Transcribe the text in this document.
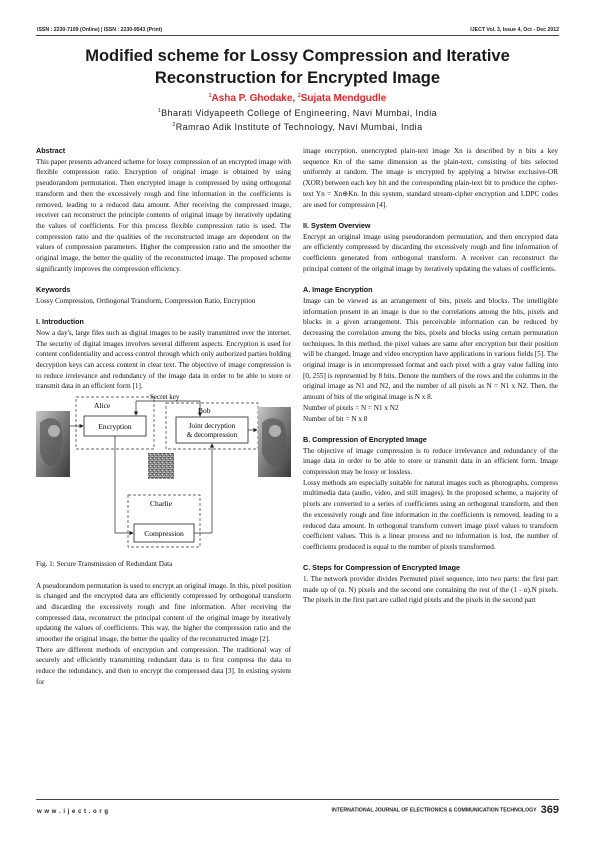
ISSN : 2230-7109 (Online) | ISSN : 2230-9543 (Print)	IJECT Vol. 3, Issue 4, Oct - Dec 2012
Modified scheme for Lossy Compression and Iterative Reconstruction for Encrypted Image
$^1$Asha P. Ghodake, $^2$Sujata Mendgudle
$^1$Bharati Vidyapeeth College of Engineering, Navi Mumbai, India
$^2$Ramrao Adik Institute of Technology, Navi Mumbai, India

Abstract

This paper presents advanced scheme for lossy compression of an encrypted image with flexible compression ratio. Encryption of original image is obtained by using pseudorandom permutation. Then encrypted image is compressed by using orthogonal transform and then the excessively rough and fine information in the coefficients is removed, leading to a reduced data amount. After receiving the compressed image, receiver can reconstruct the principle contents of original image by iteratively updating the values of coefficients. For this process flexible compression ratio is used. The compression ratio and the qualities of the reconstructed image are dependent on the values of compression parameters. Higher the compression ratio and the smoother the original image, the better the quality of the reconstructed image. The proposed scheme significantly improves the compression efficiency.

Keywords

Lossy Compression, Orthogonal Transform, Compression Ratio, Encryption

I. Introduction

Now a day's, large files such as digital images to be easily transmitted over the internet. The security of digital images involves several different aspects. Encryption is used for content confidentiality and access control through which only authorized parties holding decryption keys can access content in clear text. The objective of image compression is to reduce irrelevance and redundancy of the image data in order to be able to store or transmit data in an efficient form [1].

Alice
Encryption
Bob
Joint decryption
& decompression
Secret key
Charlie
Compression

Fig. 1: Secure Transmission of Redundant Data

A pseudorandom permutation is used to encrypt an original image. In this, pixel position is changed and the encrypted data are efficiently compressed by orthogonal transform and discarding the excessively rough and fine information. After receiving the compressed data, reconstruct the principal content of the original image by iteratively updating the values of coefficients. This way, the higher the compression ratio and the smoother the original image, the better the quality of the reconstructed image [2].

There are different methods of encryption and compression. The traditional way of securely and efficiently transmitting redundant data is to first compress the data to reduce the redundancy, and then to encrypt the compressed data [3]. In existing system for

image encryption, unencrypted plain-text image Xn is described by n bits a key sequence Kn of the same dimension as the plain-text, consisting of bits selected uniformly at random. The image is encrypted by applying a bitwise exclusive-OR (XOR) between each key bit and the corresponding plain-text bit to produce the cipher-text Yn = Xn⊕Kn. In this system, standard stream-cipher encryption and LDPC codes are used for compression [4].

II. System Overview

Encrypt an original image using pseudorandom permutation, and then encrypted data are efficiently compressed by discarding the excessively rough and fine information of coefficients generated from orthogonal transform. A receiver can reconstruct the principal content of the original image by iteratively updating the values of coefficients.

A. Image Encryption

Image can be viewed as an arrangement of bits, pixels and blocks. The intelligible information present in an image is due to the correlations among the bits, pixels and blocks in a given arrangement. This perceivable information can be reduced by decreasing the correlation among the bits, pixels and blocks using certain permutation techniques. In this method, the pixel values are same after encryption but their position will be changed. Image and video encryption have applications in various fields [5]. The original image is in uncompressed format and each pixel with a gray value falling into [0, 255] is represented by 8 bits. Denote the numbers of the rows and the columns in the original image as N1 and N2, and the number of all pixels as N = N1 x N2. Then, the amount of bits of the original image is N x 8.

Number of pixels = N = N1 x N2

Number of bit = N x 8

B. Compression of Encrypted Image

The objective of image compression is to reduce irrelevance and redundancy of the image data in order to be able to store or transmit data in an efficient form. Image compression may be lossy or lossless.

Lossy methods are especially suitable for natural images such as photographs, compress multimedia data (audio, video, and still images). In the proposed scheme, a majority of pixels are converted to a series of coefficients using an orthogonal transform, and then the excessively rough and fine information in the coefficients is removed, leading to a reduced data amount. In orthogonal transform convert image pixel values to transform coefficient values. This is a linear process and no information is lost, the number of coefficients produced is equal to the number of pixels transformed.

C. Steps for Compression of Encrypted Image

1. The network provider divides Permuted pixel sequence, into two parts: the first part made up of (α. N) pixels and the second one containing the rest of the (1 - α).N pixels. The pixels in the first part are called rigid pixels and the pixels in the second part

w w w . i j e c t . o r g	INTERNATIONAL JOURNAL OF ELECTRONICS & COMMUNICATION TECHNOLOGY 369
